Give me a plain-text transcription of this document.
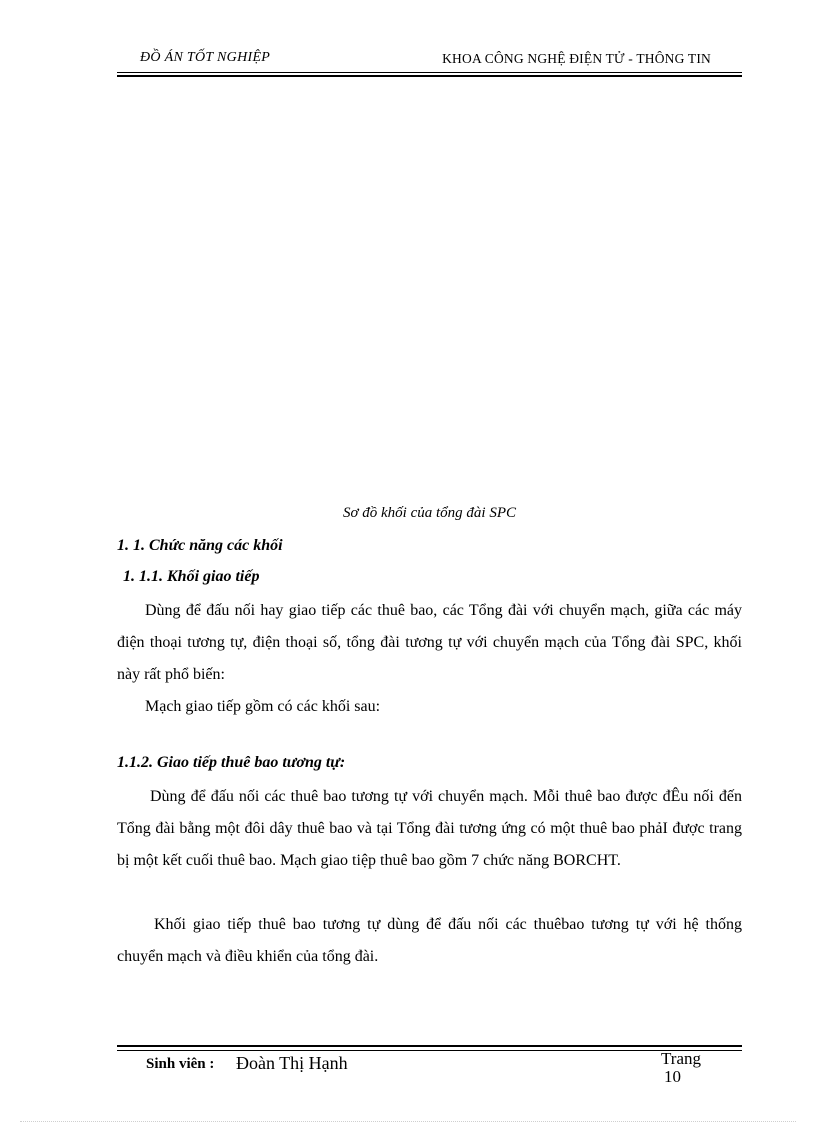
ĐỒ ÁN TỐT NGHIỆP	KHOA CÔNG NGHỆ ĐIỆN TỬ - THÔNG TIN
Sơ đồ khối của tổng đài SPC
1. 1. Chức năng các khối
1. 1.1. Khối giao tiếp

Dùng để đấu nối hay giao tiếp các thuê bao, các Tổng đài với chuyển mạch, giữa các máy điện thoại tương tự, điện thoại số, tổng đài tương tự với chuyển mạch của Tổng đài SPC, khối này rất phổ biến:

Mạch giao tiếp gồm có các khối sau:

1.1.2. Giao tiếp thuê bao tương tự:

Dùng để đấu nối các thuê bao tương tự với chuyển mạch. Mỗi thuê bao được đÊu nối đến Tổng đài bằng một đôi dây thuê bao và tại Tổng đài tương ứng có một thuê bao phảI được trang bị một kết cuối thuê bao. Mạch giao tiệp thuê bao gồm 7 chức năng BORCHT.

Khối giao tiếp thuê bao tương tự dùng để đấu nối các thuêbao tương tự với hệ thống chuyển mạch và điều khiển của tổng đài.

Sinh viên : Đoàn Thị Hạnh	Trang
10
